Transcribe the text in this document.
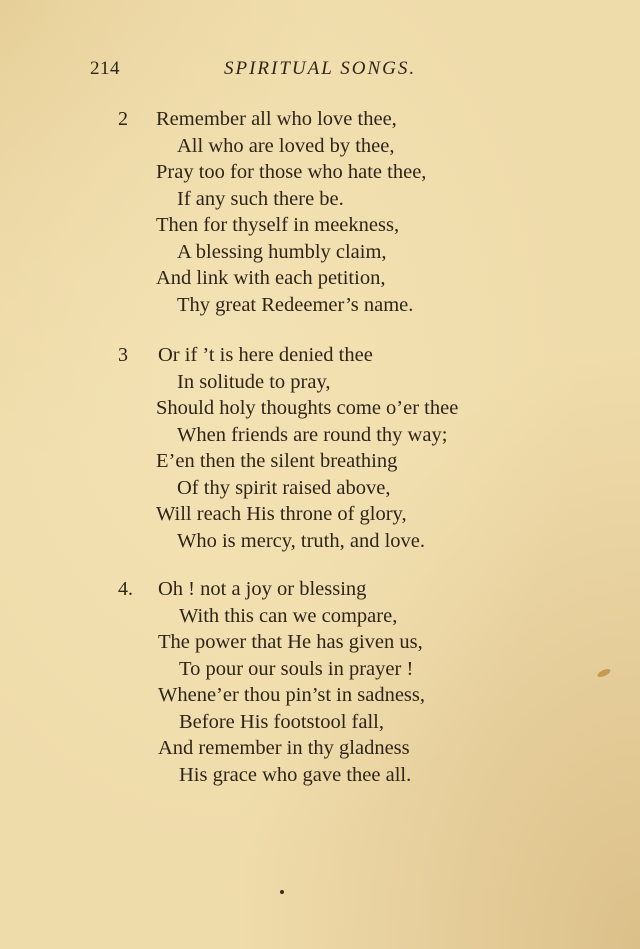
214	SPIRITUAL SONGS.
2 Remember all who love thee,
All who are loved by thee,
Pray too for those who hate thee,
If any such there be.
Then for thyself in meekness,
A blessing humbly claim,
And link with each petition,
Thy great Redeemer’s name.
3 Or if ’t is here denied thee
In solitude to pray,
Should holy thoughts come o’er thee
When friends are round thy way;
E’en then the silent breathing
Of thy spirit raised above,
Will reach His throne of glory,
Who is mercy, truth, and love.
4. Oh ! not a joy or blessing
With this can we compare,
The power that He has given us,
To pour our souls in prayer !
Whene’er thou pin’st in sadness,
Before His footstool fall,
And remember in thy gladness
His grace who gave thee all.
